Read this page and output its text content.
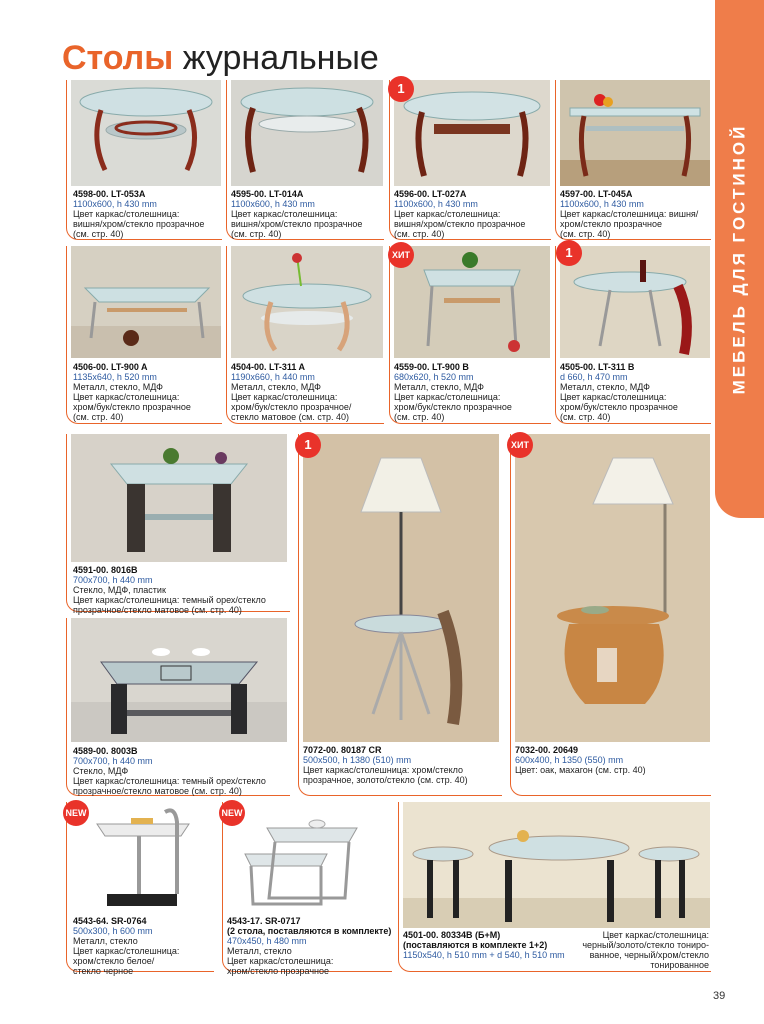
Столы журнальные
МЕБЕЛЬ ДЛЯ ГОСТИНОЙ
4598-00. LT-053A
1100x600, h 430 mm
Цвет каркас/столешница:
вишня/хром/стекло прозрачное
(см. стр. 40)
4595-00. LT-014A
1100x600, h 430 mm
Цвет каркас/столешница:
вишня/хром/стекло прозрачное
(см. стр. 40)
1
4596-00. LT-027A
1100x600, h 430 mm
Цвет каркас/столешница:
вишня/хром/стекло прозрачное
(см. стр. 40)
4597-00. LT-045A
1100x600, h 430 mm
Цвет каркас/столешница: вишня/
хром/стекло прозрачное
(см. стр. 40)
4506-00. LT-900 A
1135x640, h 520 mm
Металл, стекло, МДФ
Цвет каркас/столешница:
хром/бук/стекло прозрачное
(см. стр. 40)
4504-00. LT-311 A
1190x660, h 440 mm
Металл, стекло, МДФ
Цвет каркас/столешница:
хром/бук/стекло прозрачное/
стекло матовое (см. стр. 40)
ХИТ
4559-00. LT-900 B
680x620, h 520 mm
Металл, стекло, МДФ
Цвет каркас/столешница:
хром/бук/стекло прозрачное
(см. стр. 40)
1
4505-00. LT-311 B
d 660, h 470 mm
Металл, стекло, МДФ
Цвет каркас/столешница:
хром/бук/стекло прозрачное
(см. стр. 40)
4591-00. 8016B
700x700, h 440 mm
Стекло, МДФ, пластик
Цвет каркас/столешница: темный орех/стекло
прозрачное/стекло матовое (см. стр. 40)
4589-00. 8003B
700x700, h 440 mm
Стекло, МДФ
Цвет каркас/столешница: темный орех/стекло
прозрачное/стекло матовое (см. стр. 40)
1
7072-00. 80187 CR
500x500, h 1380 (510) mm
Цвет каркас/столешница: хром/стекло
прозрачное, золото/стекло (см. стр. 40)
ХИТ
7032-00. 20649
600x400, h 1350 (550) mm
Цвет: оак, махагон (см. стр. 40)
NEW
4543-64. SR-0764
500x300, h 600 mm
Металл, стекло
Цвет каркас/столешница:
хром/стекло белое/
стекло черное
NEW
4543-17. SR-0717
(2 стола, поставляются в комплекте)
470x450, h 480 mm
Металл, стекло
Цвет каркас/столешница:
хром/стекло прозрачное
4501-00. 80334B (Б+М)
(поставляются в комплекте 1+2)
1150x540, h 510 mm + d 540, h 510 mm
Цвет каркас/столешница:
черный/золото/стекло тониро-
ванное, черный/хром/стекло
тонированное
39
